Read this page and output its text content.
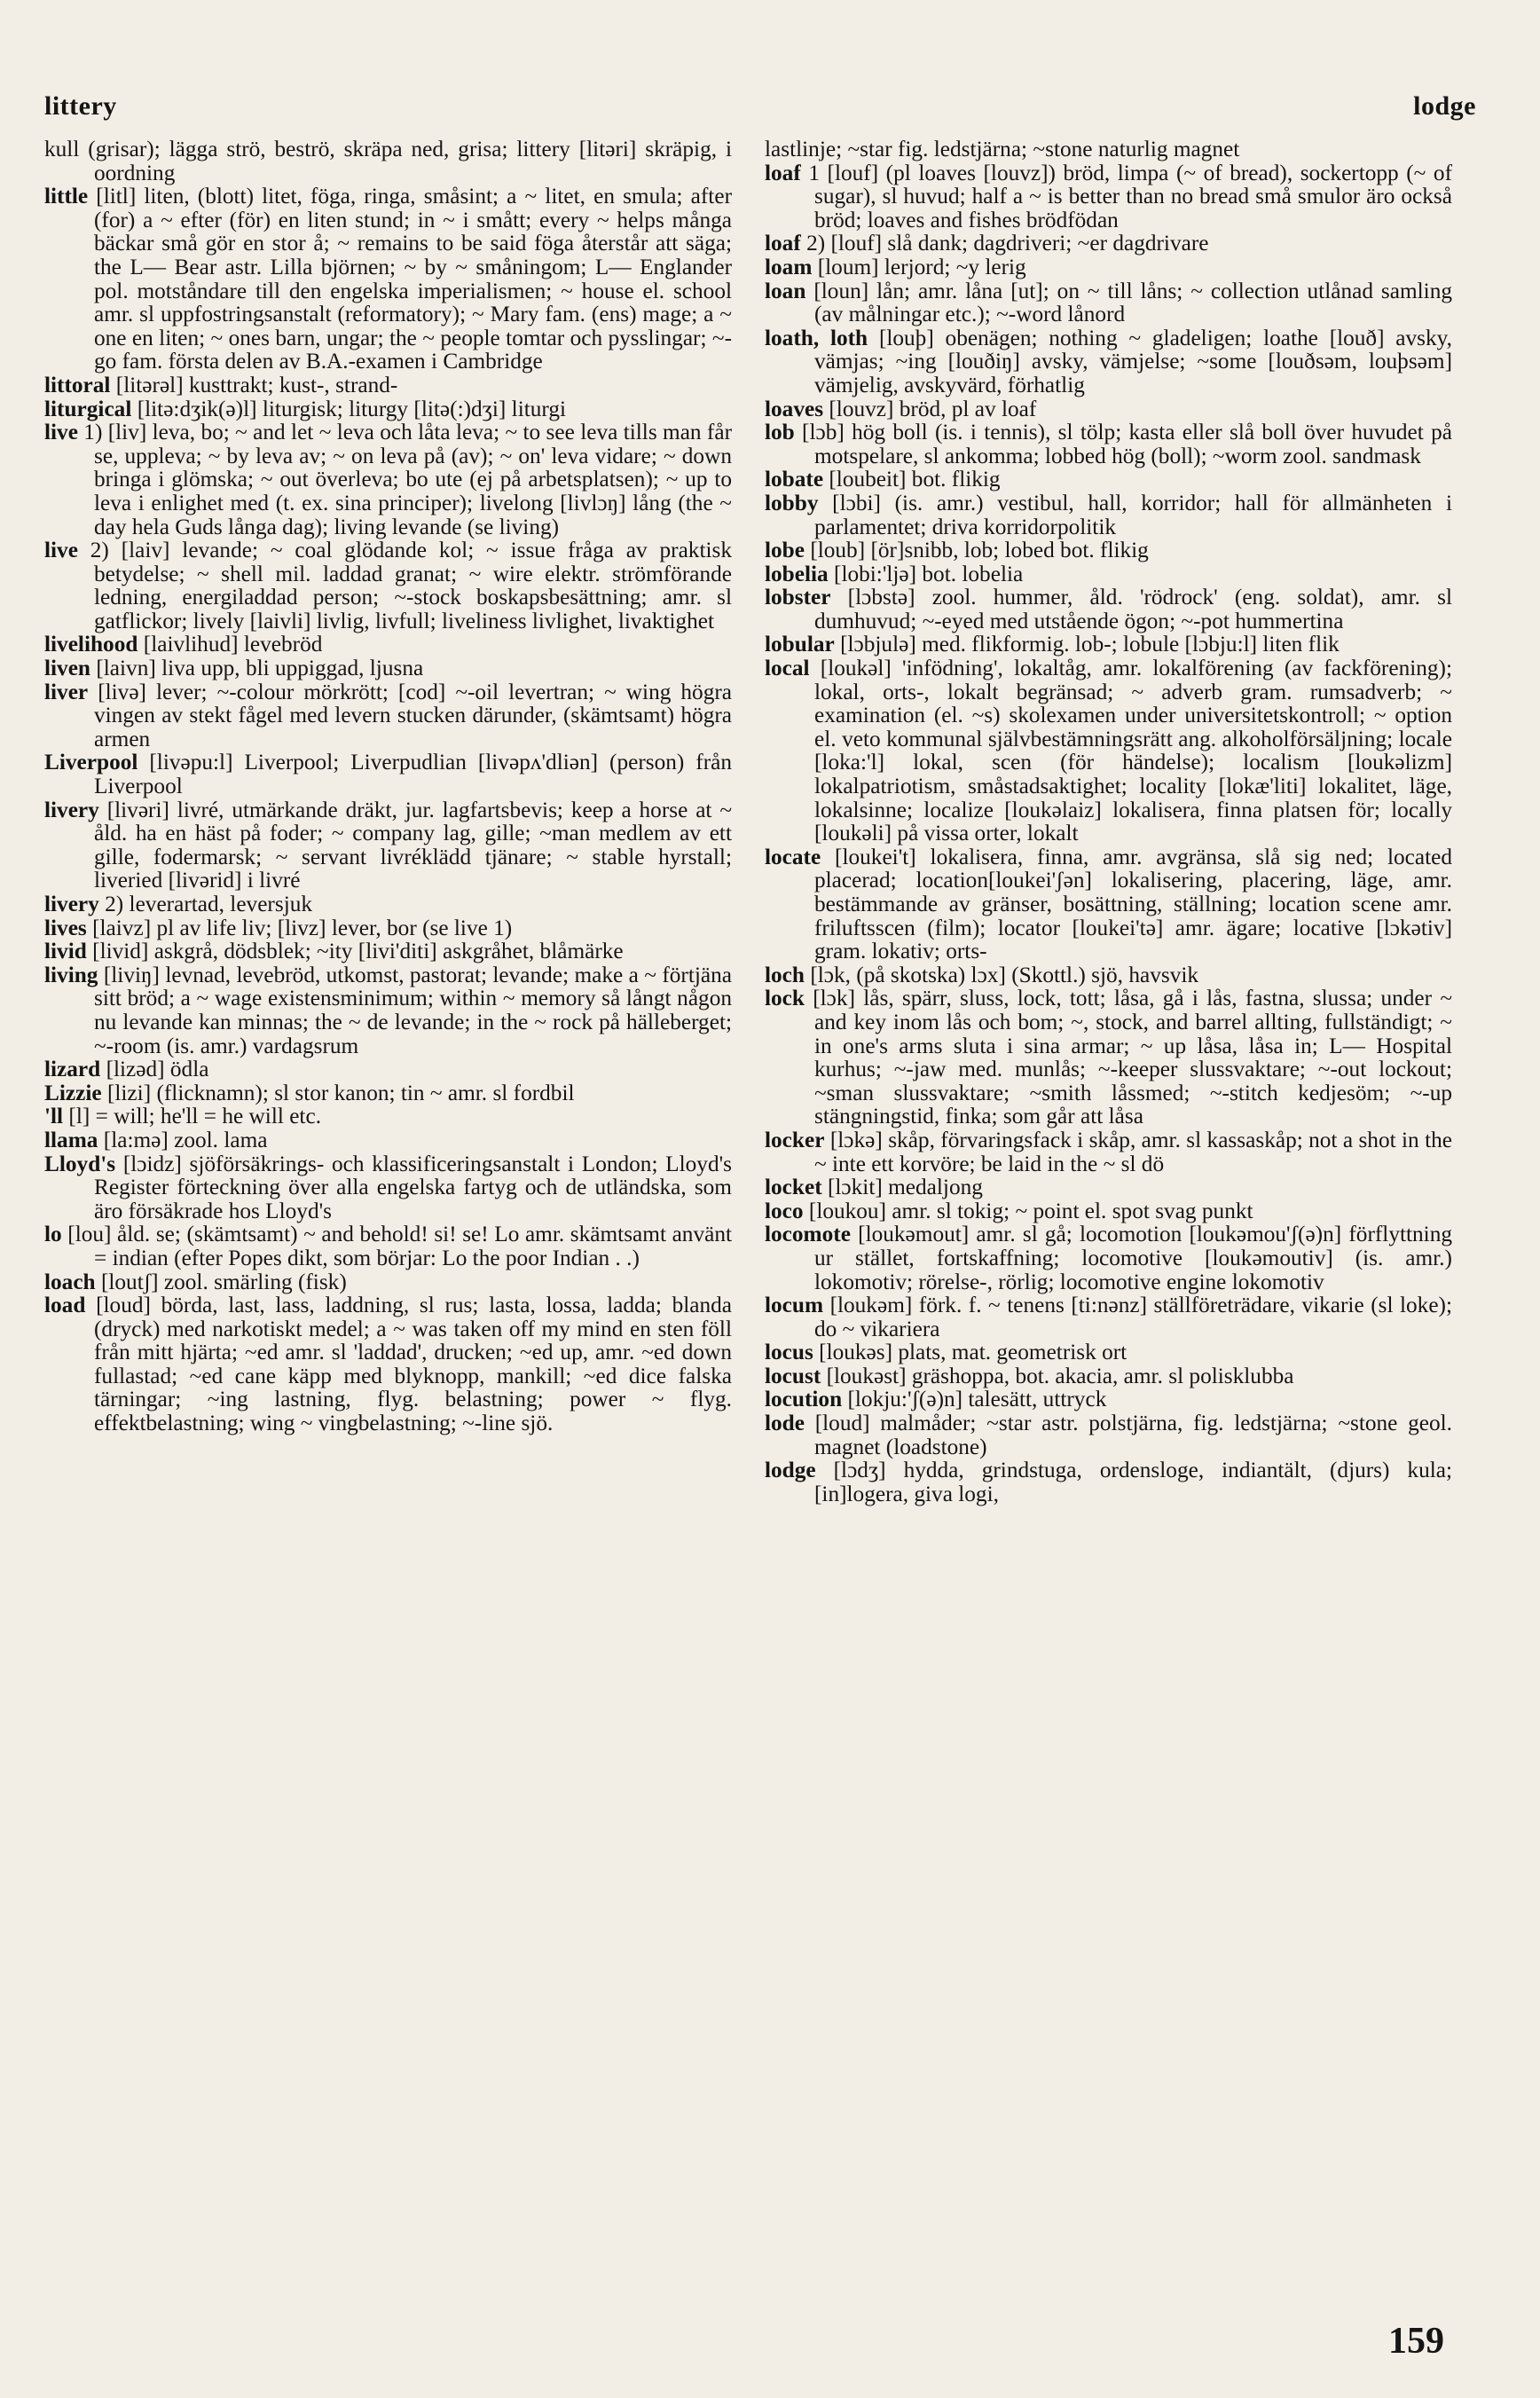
littery	lodge

kull (grisar); lägga strö, beströ, skräpa ned, grisa; littery [litəri] skräpig, i oordning

little [litl] liten, (blott) litet, föga, ringa, småsint; a ~ litet, en smula; after (for) a ~ efter (för) en liten stund; in ~ i smått; every ~ helps många bäckar små gör en stor å; ~ remains to be said föga återstår att säga; the L— Bear astr. Lilla björnen; ~ by ~ småningom; L— Englander pol. motståndare till den engelska imperialismen; ~ house el. school amr. sl uppfostringsanstalt (reformatory); ~ Mary fam. (ens) mage; a ~ one en liten; ~ ones barn, ungar; the ~ people tomtar och pysslingar; ~-go fam. första delen av B.A.-examen i Cambridge

littoral [litərəl] kusttrakt; kust-, strand-

liturgical [litə:dʒik(ə)l] liturgisk; liturgy [litə(:)dʒi] liturgi

live 1) [liv] leva, bo; ~ and let ~ leva och låta leva; ~ to see leva tills man får se, uppleva; ~ by leva av; ~ on leva på (av); ~ on' leva vidare; ~ down bringa i glömska; ~ out överleva; bo ute (ej på arbetsplatsen); ~ up to leva i enlighet med (t. ex. sina principer); livelong [livlɔŋ] lång (the ~ day hela Guds långa dag); living levande (se living)

live 2) [laiv] levande; ~ coal glödande kol; ~ issue fråga av praktisk betydelse; ~ shell mil. laddad granat; ~ wire elektr. strömförande ledning, energiladdad person; ~-stock boskapsbesättning; amr. sl gatflickor; lively [laivli] livlig, livfull; liveliness livlighet, livaktighet

livelihood [laivlihud] levebröd

liven [laivn] liva upp, bli uppiggad, ljusna

liver [livə] lever; ~-colour mörkrött; [cod] ~-oil levertran; ~ wing högra vingen av stekt fågel med levern stucken därunder, (skämtsamt) högra armen

Liverpool [livəpu:l] Liverpool; Liverpudlian [livəpʌ'dliən] (person) från Liverpool

livery [livəri] livré, utmärkande dräkt, jur. lagfartsbevis; keep a horse at ~ åld. ha en häst på foder; ~ company lag, gille; ~man medlem av ett gille, fodermarsk; ~ servant livréklädd tjänare; ~ stable hyrstall; liveried [livərid] i livré

livery 2) leverartad, leversjuk

lives [laivz] pl av life liv; [livz] lever, bor (se live 1)

livid [livid] askgrå, dödsblek; ~ity [livi'diti] askgråhet, blåmärke

living [liviŋ] levnad, levebröd, utkomst, pastorat; levande; make a ~ förtjäna sitt bröd; a ~ wage existensminimum; within ~ memory så långt någon nu levande kan minnas; the ~ de levande; in the ~ rock på hälleberget; ~-room (is. amr.) vardagsrum

lizard [lizəd] ödla

Lizzie [lizi] (flicknamn); sl stor kanon; tin ~ amr. sl fordbil

'll [l] = will; he'll = he will etc.

llama [la:mə] zool. lama

Lloyd's [lɔidz] sjöförsäkrings- och klassificeringsanstalt i London; Lloyd's Register förteckning över alla engelska fartyg och de utländska, som äro försäkrade hos Lloyd's

lo [lou] åld. se; (skämtsamt) ~ and behold! si! se! Lo amr. skämtsamt använt = indian (efter Popes dikt, som börjar: Lo the poor Indian . .)

loach [loutʃ] zool. smärling (fisk)

load [loud] börda, last, lass, laddning, sl rus; lasta, lossa, ladda; blanda (dryck) med narkotiskt medel; a ~ was taken off my mind en sten föll från mitt hjärta; ~ed amr. sl 'laddad', drucken; ~ed up, amr. ~ed down fullastad; ~ed cane käpp med blyknopp, mankill; ~ed dice falska tärningar; ~ing lastning, flyg. belastning; power ~ flyg. effektbelastning; wing ~ vingbelastning; ~-line sjö.

lastlinje; ~star fig. ledstjärna; ~stone naturlig magnet

loaf 1 [louf] (pl loaves [louvz]) bröd, limpa (~ of bread), sockertopp (~ of sugar), sl huvud; half a ~ is better than no bread små smulor äro också bröd; loaves and fishes brödfödan

loaf 2) [louf] slå dank; dagdriveri; ~er dagdrivare

loam [loum] lerjord; ~y lerig

loan [loun] lån; amr. låna [ut]; on ~ till låns; ~ collection utlånad samling (av målningar etc.); ~-word lånord

loath, loth [louþ] obenägen; nothing ~ gladeligen; loathe [louð] avsky, vämjas; ~ing [louðiŋ] avsky, vämjelse; ~some [louðsəm, louþsəm] vämjelig, avskyvärd, förhatlig

loaves [louvz] bröd, pl av loaf

lob [lɔb] hög boll (is. i tennis), sl tölp; kasta eller slå boll över huvudet på motspelare, sl ankomma; lobbed hög (boll); ~worm zool. sandmask

lobate [loubeit] bot. flikig

lobby [lɔbi] (is. amr.) vestibul, hall, korridor; hall för allmänheten i parlamentet; driva korridorpolitik

lobe [loub] [ör]snibb, lob; lobed bot. flikig

lobelia [lobi:'ljə] bot. lobelia

lobster [lɔbstə] zool. hummer, åld. 'rödrock' (eng. soldat), amr. sl dumhuvud; ~-eyed med utstående ögon; ~-pot hummertina

lobular [lɔbjulə] med. flikformig. lob-; lobule [lɔbju:l] liten flik

local [loukəl] 'infödning', lokaltåg, amr. lokalförening (av fackförening); lokal, orts-, lokalt begränsad; ~ adverb gram. rumsadverb; ~ examination (el. ~s) skolexamen under universitetskontroll; ~ option el. veto kommunal självbestämningsrätt ang. alkoholförsäljning; locale [loka:'l] lokal, scen (för händelse); localism [loukəlizm] lokalpatriotism, småstadsaktighet; locality [lokæ'liti] lokalitet, läge, lokalsinne; localize [loukəlaiz] lokalisera, finna platsen för; locally [loukəli] på vissa orter, lokalt

locate [loukei't] lokalisera, finna, amr. avgränsa, slå sig ned; located placerad; location[loukei'ʃən] lokalisering, placering, läge, amr. bestämmande av gränser, bosättning, ställning; location scene amr. friluftsscen (film); locator [loukei'tə] amr. ägare; locative [lɔkətiv] gram. lokativ; orts-

loch [lɔk, (på skotska) lɔx] (Skottl.) sjö, havsvik

lock [lɔk] lås, spärr, sluss, lock, tott; låsa, gå i lås, fastna, slussa; under ~ and key inom lås och bom; ~, stock, and barrel allting, fullständigt; ~ in one's arms sluta i sina armar; ~ up låsa, låsa in; L— Hospital kurhus; ~-jaw med. munlås; ~-keeper slussvaktare; ~-out lockout; ~sman slussvaktare; ~smith låssmed; ~-stitch kedjesöm; ~-up stängningstid, finka; som går att låsa

locker [lɔkə] skåp, förvaringsfack i skåp, amr. sl kassaskåp; not a shot in the ~ inte ett korvöre; be laid in the ~ sl dö

locket [lɔkit] medaljong

loco [loukou] amr. sl tokig; ~ point el. spot svag punkt

locomote [loukəmout] amr. sl gå; locomotion [loukəmou'ʃ(ə)n] förflyttning ur stället, fortskaffning; locomotive [loukəmoutiv] (is. amr.) lokomotiv; rörelse-, rörlig; locomotive engine lokomotiv

locum [loukəm] förk. f. ~ tenens [ti:nənz] ställföreträdare, vikarie (sl loke); do ~ vikariera

locus [loukəs] plats, mat. geometrisk ort

locust [loukəst] gräshoppa, bot. akacia, amr. sl polisklubba

locution [lokju:'ʃ(ə)n] talesätt, uttryck

lode [loud] malmåder; ~star astr. polstjärna, fig. ledstjärna; ~stone geol. magnet (loadstone)

lodge [lɔdʒ] hydda, grindstuga, ordensloge, indiantält, (djurs) kula; [in]logera, giva logi,

159
